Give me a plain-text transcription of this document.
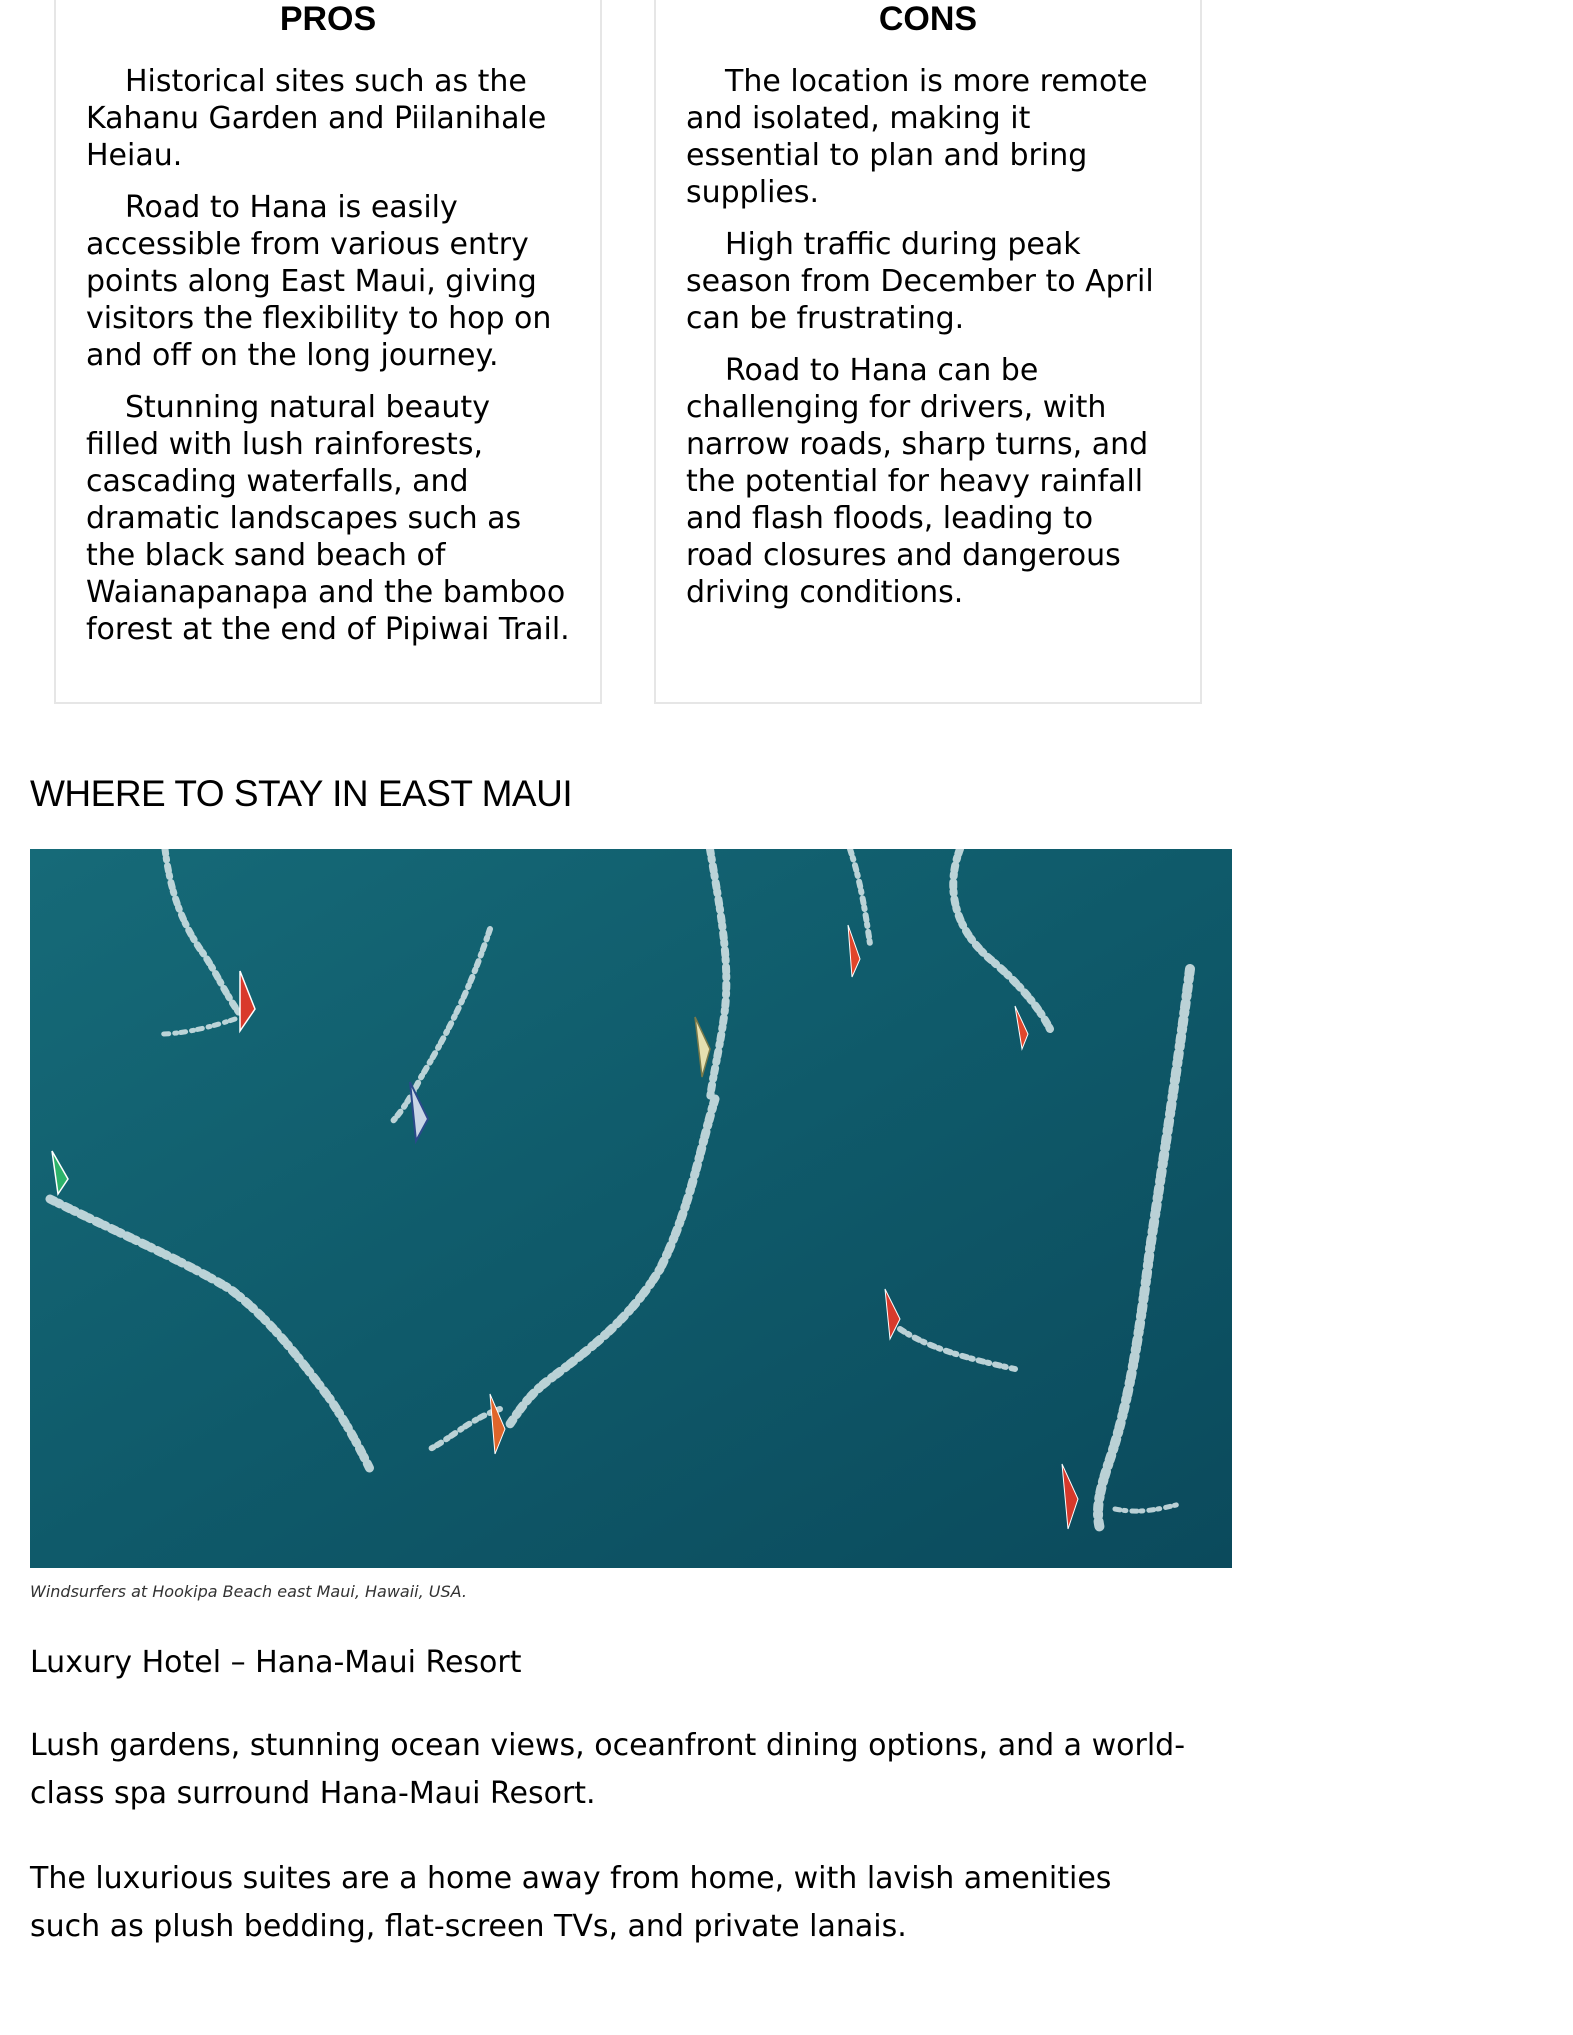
PROS

Historical sites such as the Kahanu Garden and Piilanihale Heiau.

Road to Hana is easily accessible from various entry points along East Maui, giving visitors the flexibility to hop on and off on the long journey.

Stunning natural beauty filled with lush rainforests, cascading waterfalls, and dramatic landscapes such as the black sand beach of Waianapanapa and the bamboo forest at the end of Pipiwai Trail.

CONS

The location is more remote and isolated, making it essential to plan and bring supplies.

High traffic during peak season from December to April can be frustrating.

Road to Hana can be challenging for drivers, with narrow roads, sharp turns, and the potential for heavy rainfall and flash floods, leading to road closures and dangerous driving conditions.

WHERE TO STAY IN EAST MAUI
Windsurfers at Hookipa Beach east Maui, Hawaii, USA.

Luxury Hotel – Hana-Maui Resort

Lush gardens, stunning ocean views, oceanfront dining options, and a world-class spa surround Hana-Maui Resort.

The luxurious suites are a home away from home, with lavish amenities such as plush bedding, flat-screen TVs, and private lanais.
